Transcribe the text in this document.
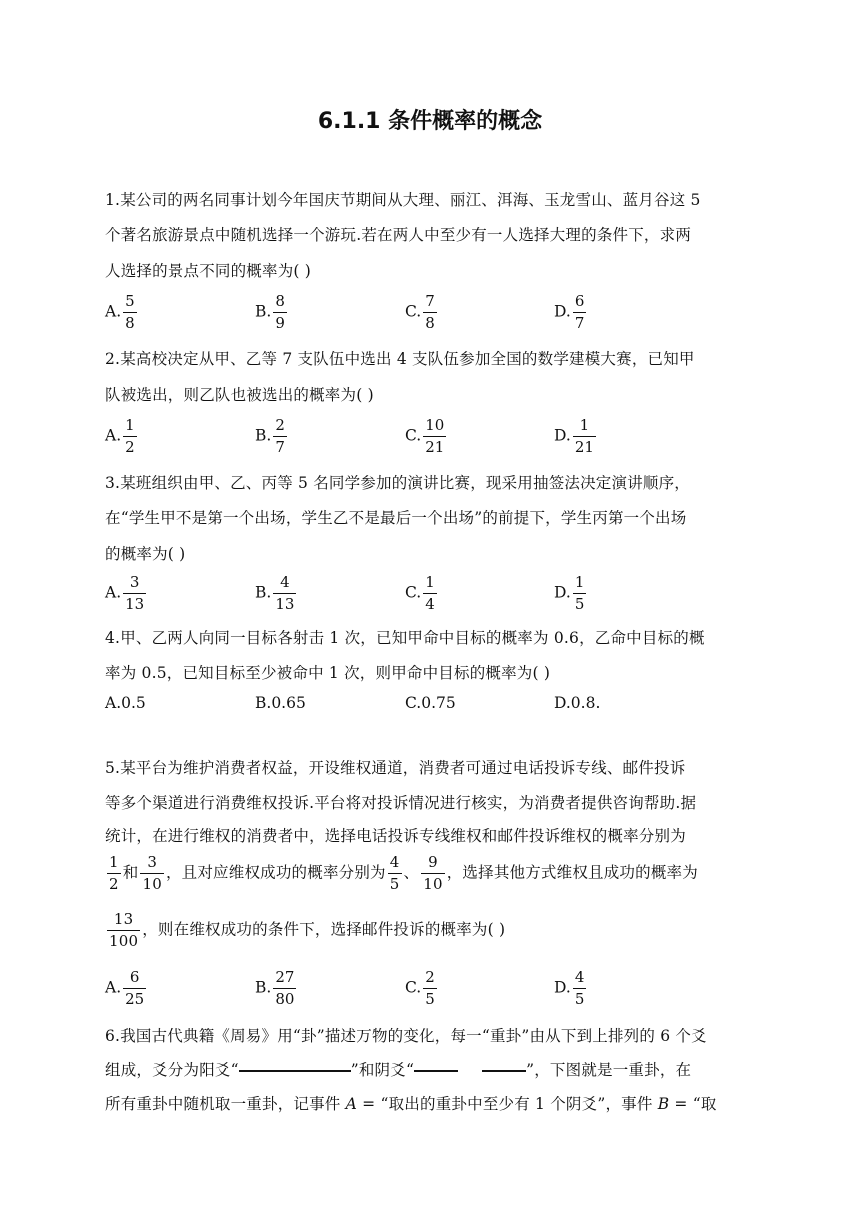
6.1.1 条件概率的概念
1.某公司的两名同事计划今年国庆节期间从大理、丽江、洱海、玉龙雪山、蓝月谷这 5
个著名旅游景点中随机选择一个游玩.若在两人中至少有一人选择大理的条件下，求两
人选择的景点不同的概率为( )
A. $\frac{5}{8}$	B. $\frac{8}{9}$	C. $\frac{7}{8}$	D. $\frac{6}{7}$
2.某高校决定从甲、乙等 7 支队伍中选出 4 支队伍参加全国的数学建模大赛，已知甲
队被选出，则乙队也被选出的概率为( )
A. $\frac{1}{2}$	B. $\frac{2}{7}$	C. $\frac{10}{21}$	D. $\frac{1}{21}$
3.某班组织由甲、乙、丙等 5 名同学参加的演讲比赛，现采用抽签法决定演讲顺序，
在“学生甲不是第一个出场，学生乙不是最后一个出场”的前提下，学生丙第一个出场
的概率为( )
A. $\frac{3}{13}$	B. $\frac{4}{13}$	C. $\frac{1}{4}$	D. $\frac{1}{5}$
4.甲、乙两人向同一目标各射击 1 次，已知甲命中目标的概率为 0.6，乙命中目标的概
率为 0.5，已知目标至少被命中 1 次，则甲命中目标的概率为( )
A.0.5	B.0.65	C.0.75	D.0.8.
5.某平台为维护消费者权益，开设维权通道，消费者可通过电话投诉专线、邮件投诉
等多个渠道进行消费维权投诉.平台将对投诉情况进行核实，为消费者提供咨询帮助.据
统计，在进行维权的消费者中，选择电话投诉专线维权和邮件投诉维权的概率分别为
$\frac{1}{2}$ 和 $\frac{3}{10}$ ，且对应维权成功的概率分别为 $\frac{4}{5}$ 、 $\frac{9}{10}$ ，选择其他方式维权且成功的概率为
$\frac{13}{100}$ ，则在维权成功的条件下，选择邮件投诉的概率为( )
A. $\frac{6}{25}$	B. $\frac{27}{80}$	C. $\frac{2}{5}$	D. $\frac{4}{5}$
6.我国古代典籍《周易》用“卦”描述万物的变化，每一“重卦”由从下到上排列的 6 个爻
组成，爻分为阳爻“	”和阴爻“	”，下图就是一重卦，在
所有重卦中随机取一重卦，记事件 A = “取出的重卦中至少有 1 个阴爻”，事件 B = “取
